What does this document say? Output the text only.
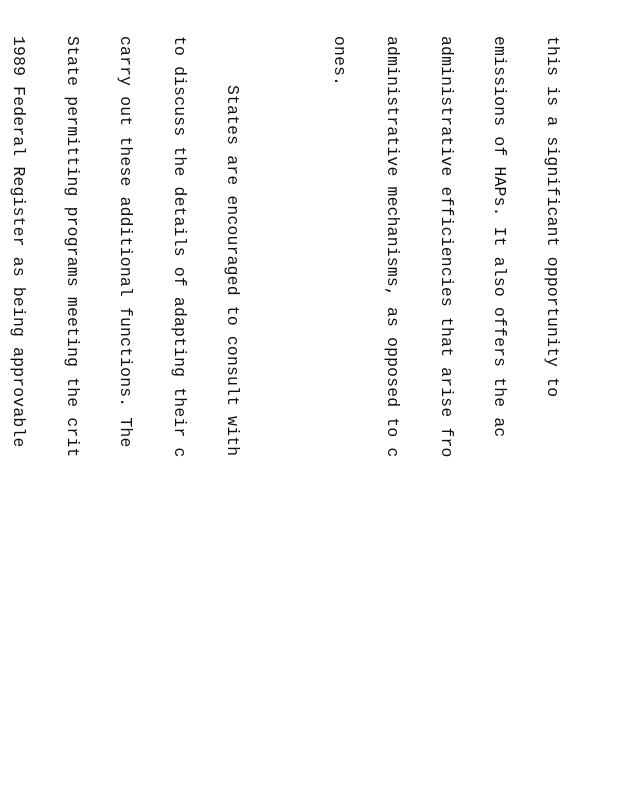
this is a significant opportunity to

emissions of HAPs. It also offers the ac

administrative efficiencies that arise fro

administrative mechanisms, as opposed to c

ones.

States are encouraged to consult with

to discuss the details of adapting their c

carry out these additional functions. The

State permitting programs meeting the crit

1989 Federal Register as being approvable
